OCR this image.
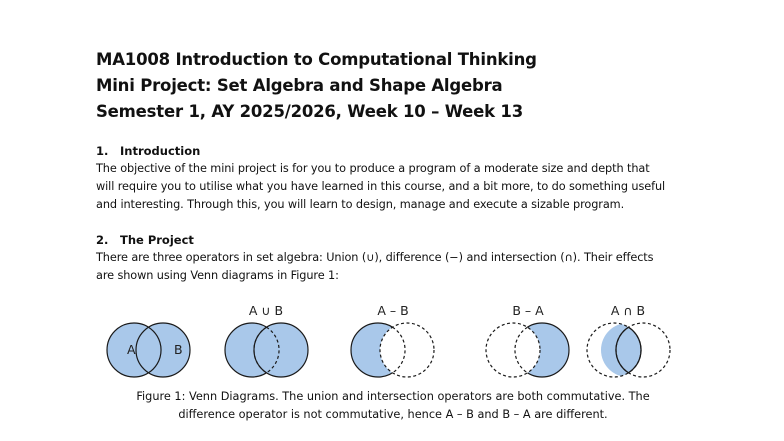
MA1008 Introduction to Computational Thinking
Mini Project: Set Algebra and Shape Algebra
Semester 1, AY 2025/2026, Week 10 – Week 13
1. Introduction
The objective of the mini project is for you to produce a program of a moderate size and depth that
will require you to utilise what you have learned in this course, and a bit more, to do something useful
and interesting. Through this, you will learn to design, manage and execute a sizable program.
2. The Project
There are three operators in set algebra: Union (∪), difference (−) and intersection (∩). Their effects
are shown using Venn diagrams in Figure 1:
A	B
A ∪ B	A – B	B – A	A ∩ B
Figure 1: Venn Diagrams. The union and intersection operators are both commutative. The
difference operator is not commutative, hence A – B and B – A are different.
